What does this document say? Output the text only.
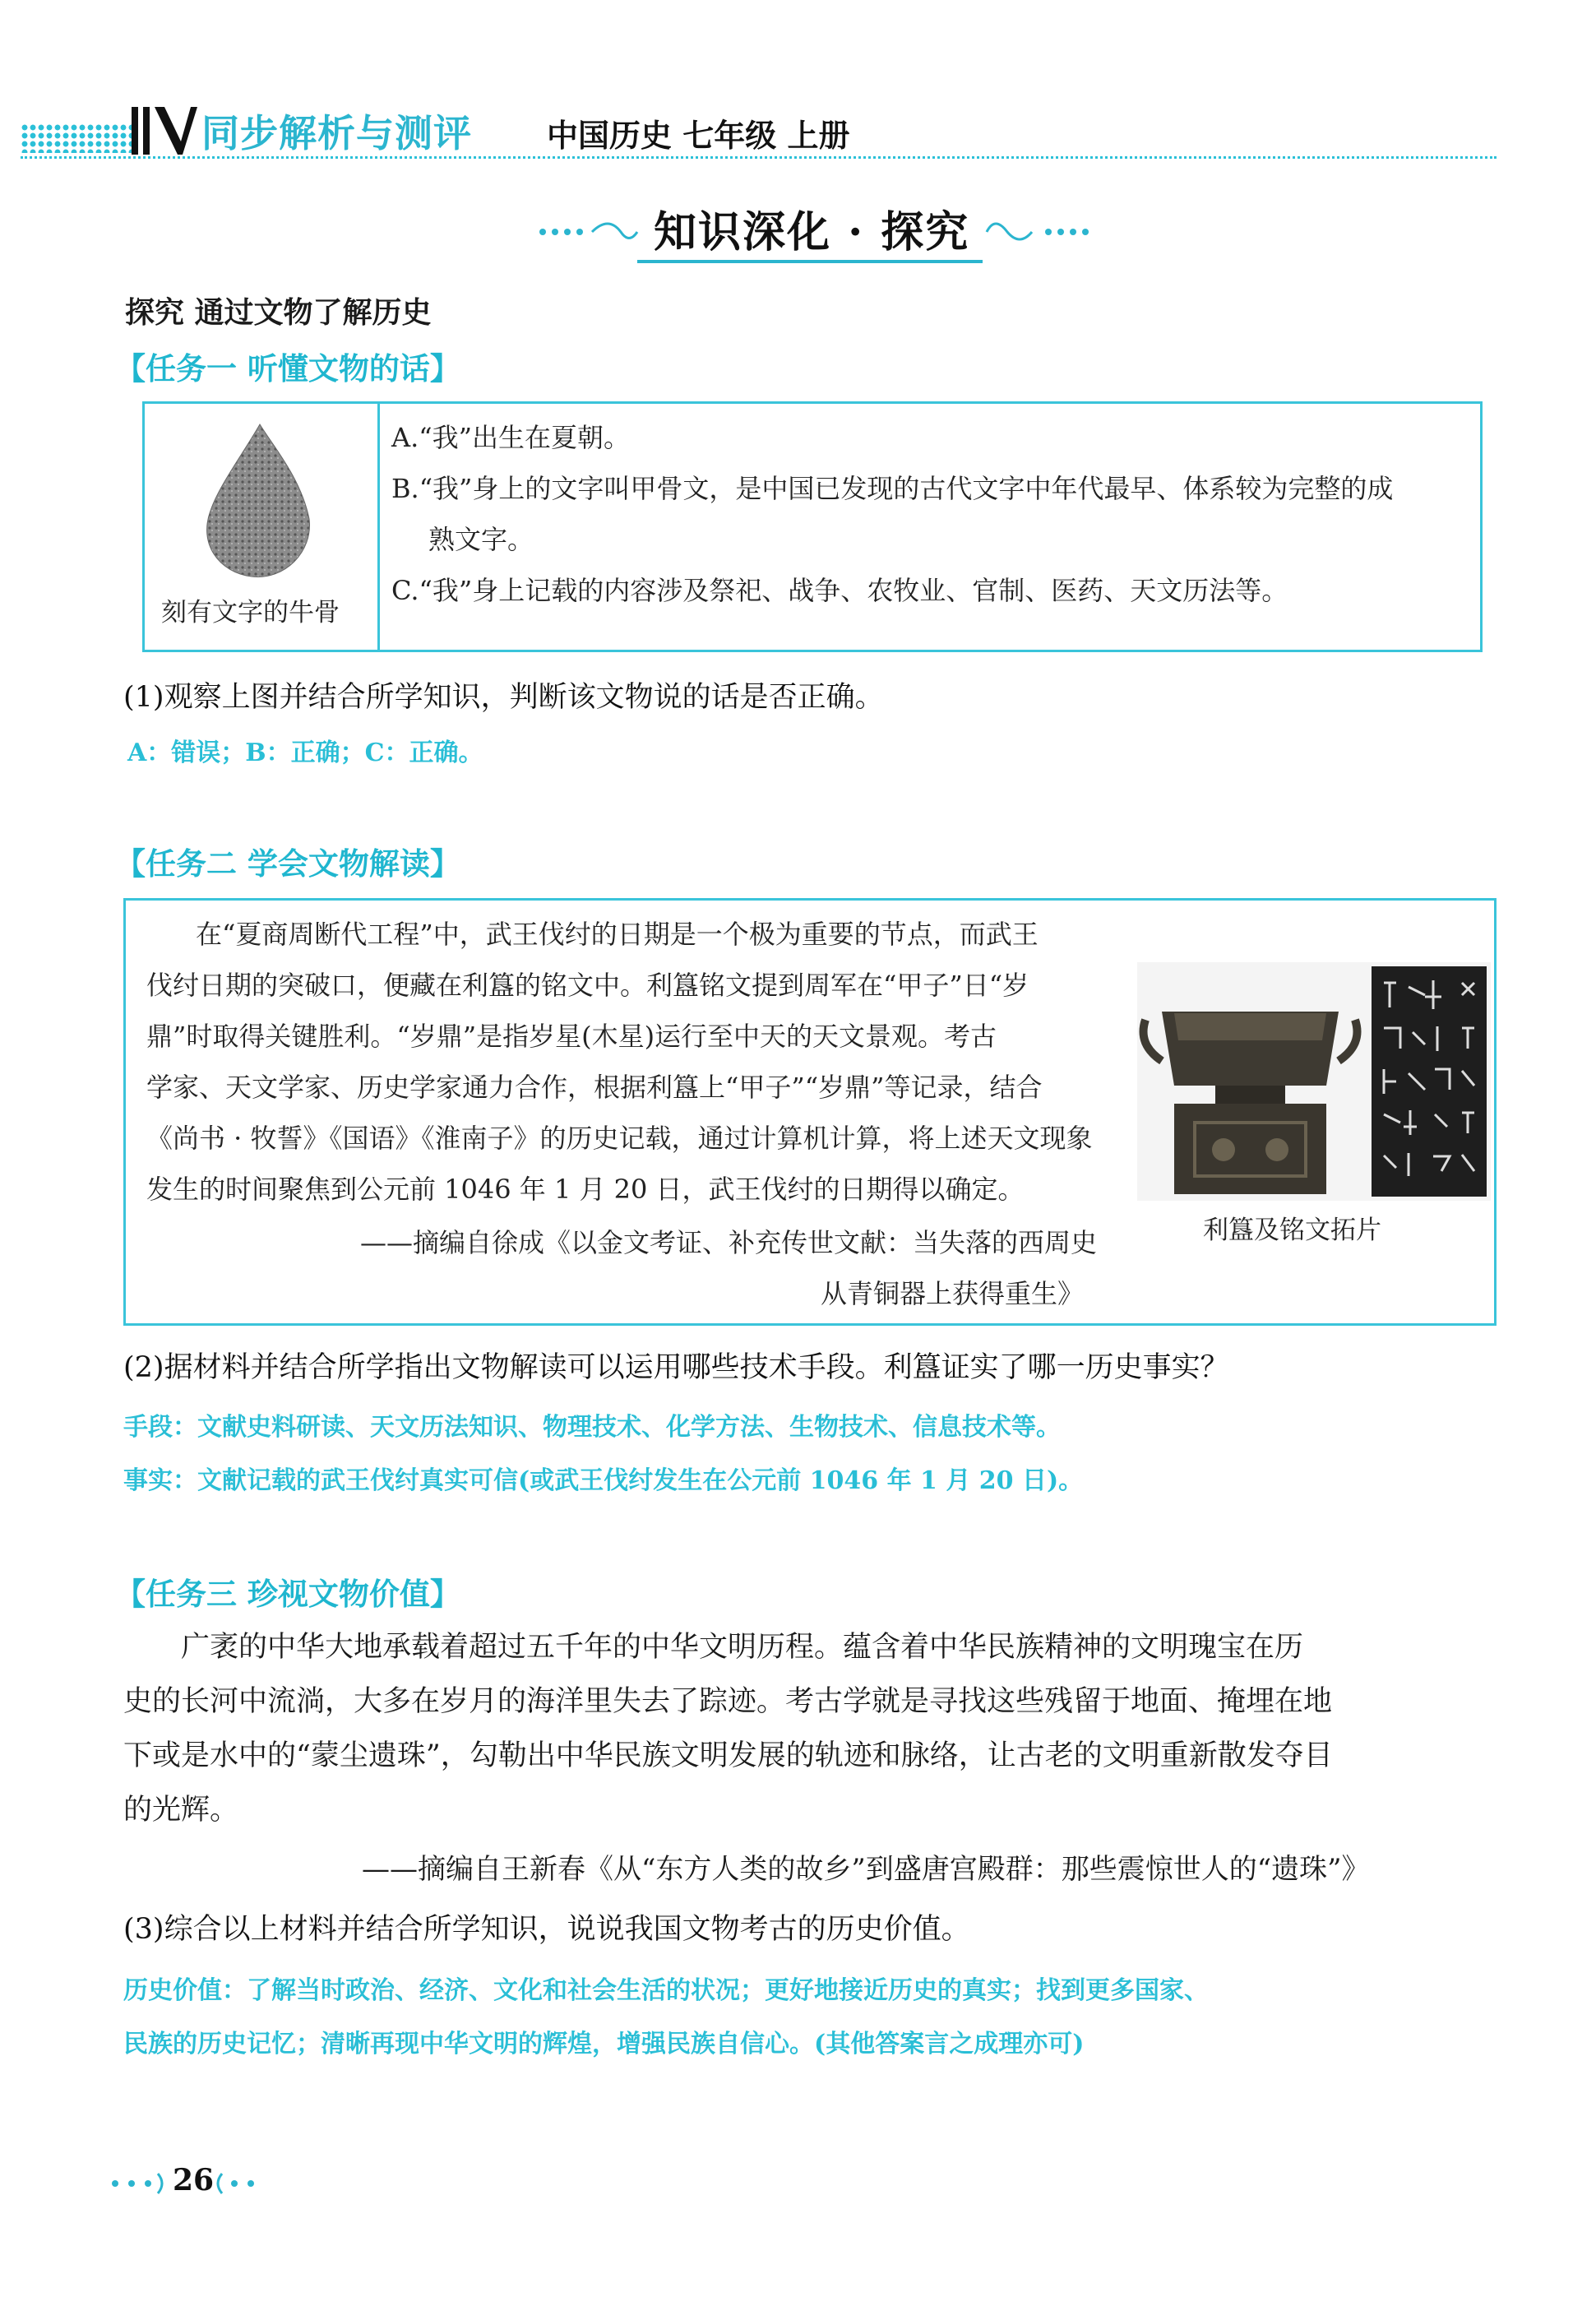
同步解析与测评 中国历史 七年级 上册
知识深化 · 探究
探究 通过文物了解历史
【任务一 听懂文物的话】
刻有文字的牛骨
A.“我”出生在夏朝。
B.“我”身上的文字叫甲骨文，是中国已发现的古代文字中年代最早、体系较为完整的成
熟文字。
C.“我”身上记载的内容涉及祭祀、战争、农牧业、官制、医药、天文历法等。
(1)观察上图并结合所学知识，判断该文物说的话是否正确。
A：错误；B：正确；C：正确。
【任务二 学会文物解读】
在“夏商周断代工程”中，武王伐纣的日期是一个极为重要的节点，而武王
伐纣日期的突破口，便藏在利簋的铭文中。利簋铭文提到周军在“甲子”日“岁
鼎”时取得关键胜利。“岁鼎”是指岁星(木星)运行至中天的天文景观。考古
学家、天文学家、历史学家通力合作，根据利簋上“甲子”“岁鼎”等记录，结合
《尚书 · 牧誓》《国语》《淮南子》的历史记载，通过计算机计算，将上述天文现象
发生的时间聚焦到公元前 1046 年 1 月 20 日，武王伐纣的日期得以确定。
——摘编自徐成《以金文考证、补充传世文献：当失落的西周史
从青铜器上获得重生》
利簋及铭文拓片
(2)据材料并结合所学指出文物解读可以运用哪些技术手段。利簋证实了哪一历史事实？
手段：文献史料研读、天文历法知识、物理技术、化学方法、生物技术、信息技术等。
事实：文献记载的武王伐纣真实可信(或武王伐纣发生在公元前 1046 年 1 月 20 日)。
【任务三 珍视文物价值】
广袤的中华大地承载着超过五千年的中华文明历程。蕴含着中华民族精神的文明瑰宝在历
史的长河中流淌，大多在岁月的海洋里失去了踪迹。考古学就是寻找这些残留于地面、掩埋在地
下或是水中的“蒙尘遗珠”，勾勒出中华民族文明发展的轨迹和脉络，让古老的文明重新散发夺目
的光辉。
——摘编自王新春《从“东方人类的故乡”到盛唐宫殿群：那些震惊世人的“遗珠”》
(3)综合以上材料并结合所学知识，说说我国文物考古的历史价值。
历史价值：了解当时政治、经济、文化和社会生活的状况；更好地接近历史的真实；找到更多国家、
民族的历史记忆；清晰再现中华文明的辉煌，增强民族自信心。(其他答案言之成理亦可)
26
